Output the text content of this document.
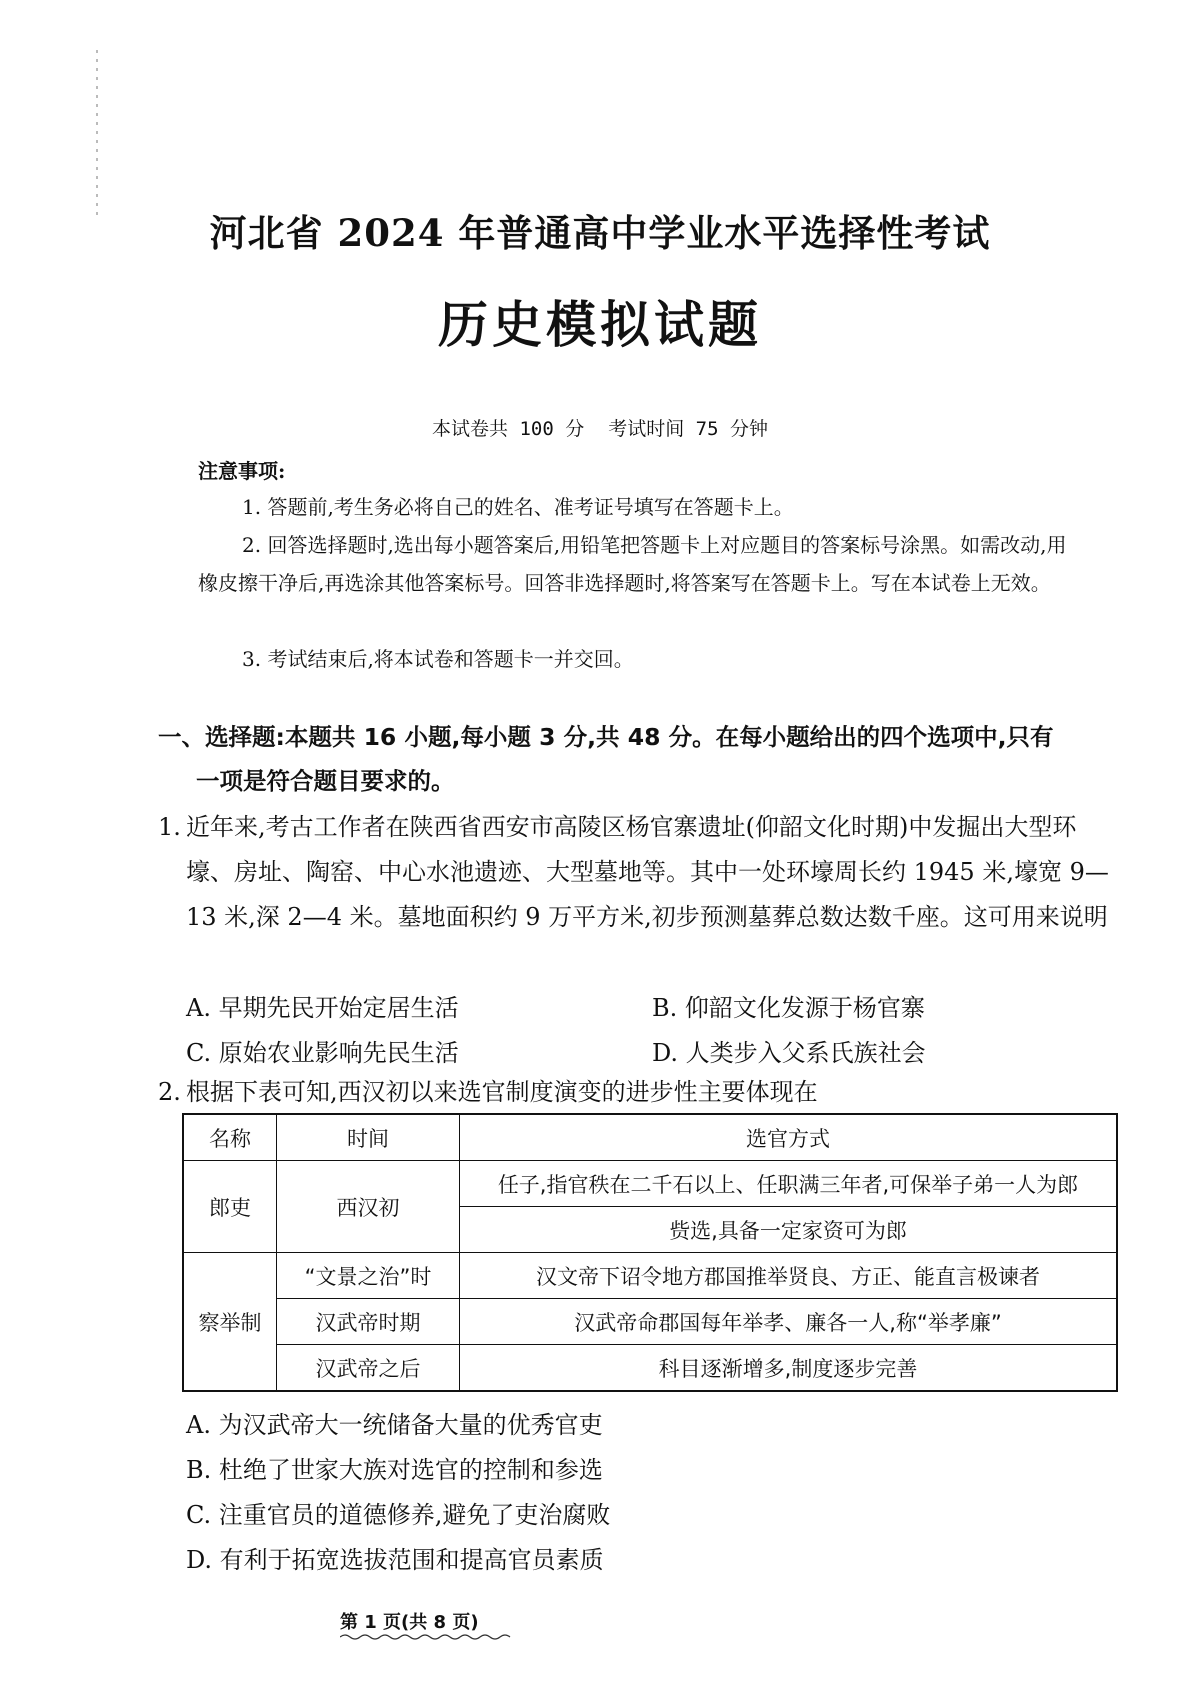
河北省 2024 年普通高中学业水平选择性考试
历史模拟试题
本试卷共 100 分 考试时间 75 分钟
注意事项:
1. 答题前,考生务必将自己的姓名、准考证号填写在答题卡上。
2. 回答选择题时,选出每小题答案后,用铅笔把答题卡上对应题目的答案标号涂黑。如需改动,用橡皮擦干净后,再选涂其他答案标号。回答非选择题时,将答案写在答题卡上。写在本试卷上无效。
3. 考试结束后,将本试卷和答题卡一并交回。
一、选择题:本题共 16 小题,每小题 3 分,共 48 分。在每小题给出的四个选项中,只有
一项是符合题目要求的。
1. 近年来,考古工作者在陕西省西安市高陵区杨官寨遗址(仰韶文化时期)中发掘出大型环壕、房址、陶窑、中心水池遗迹、大型墓地等。其中一处环壕周长约 1945 米,壕宽 9—13 米,深 2—4 米。墓地面积约 9 万平方米,初步预测墓葬总数达数千座。这可用来说明
A. 早期先民开始定居生活	B. 仰韶文化发源于杨官寨
C. 原始农业影响先民生活	D. 人类步入父系氏族社会
2. 根据下表可知,西汉初以来选官制度演变的进步性主要体现在
名称	时间	选官方式
郎吏	西汉初	任子,指官秩在二千石以上、任职满三年者,可保举子弟一人为郎
		赀选,具备一定家资可为郎
察举制	“文景之治”时	汉文帝下诏令地方郡国推举贤良、方正、能直言极谏者
	汉武帝时期	汉武帝命郡国每年举孝、廉各一人,称“举孝廉”
	汉武帝之后	科目逐渐增多,制度逐步完善
A. 为汉武帝大一统储备大量的优秀官吏
B. 杜绝了世家大族对选官的控制和参选
C. 注重官员的道德修养,避免了吏治腐败
D. 有利于拓宽选拔范围和提高官员素质
第 1 页(共 8 页)
